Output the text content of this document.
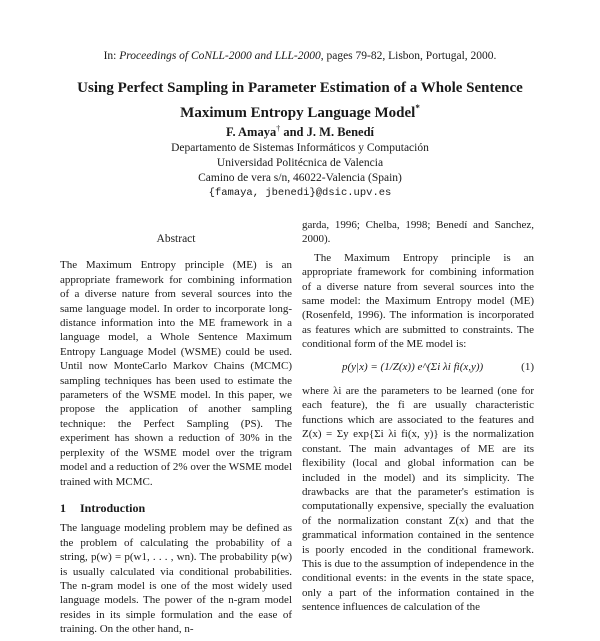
In: Proceedings of CoNLL-2000 and LLL-2000, pages 79-82, Lisbon, Portugal, 2000.
Using Perfect Sampling in Parameter Estimation of a Whole Sentence Maximum Entropy Language Model*
F. Amaya† and J. M. Benedí
Departamento de Sistemas Informáticos y Computación
Universidad Politécnica de Valencia
Camino de vera s/n, 46022-Valencia (Spain)
{famaya, jbenedi}@dsic.upv.es
Abstract

The Maximum Entropy principle (ME) is an appropriate framework for combining information of a diverse nature from several sources into the same language model. In order to incorporate long-distance information into the ME framework in a language model, a Whole Sentence Maximum Entropy Language Model (WSME) could be used. Until now MonteCarlo Markov Chains (MCMC) sampling techniques has been used to estimate the parameters of the WSME model. In this paper, we propose the application of another sampling technique: the Perfect Sampling (PS). The experiment has shown a reduction of 30% in the perplexity of the WSME model over the trigram model and a reduction of 2% over the WSME model trained with MCMC.

1 Introduction

The language modeling problem may be defined as the problem of calculating the probability of a string, p(w) = p(w1, . . . , wn). The probability p(w) is usually calculated via conditional probabilities. The n-gram model is one of the most widely used language models. The power of the n-gram model resides in its simple formulation and the ease of training. On the other hand, n-

garda, 1996; Chelba, 1998; Benedí and Sanchez, 2000).

The Maximum Entropy principle is an appropriate framework for combining information of a diverse nature from several sources into the same model: the Maximum Entropy model (ME) (Rosenfeld, 1996). The information is incorporated as features which are submitted to constraints. The conditional form of the ME model is:

p(y|x) = (1/Z(x)) e^(Σi λi fi(x,y))	(1)

where λi are the parameters to be learned (one for each feature), the fi are usually characteristic functions which are associated to the features and Z(x) = Σy exp{Σi λi fi(x, y)} is the normalization constant. The main advantages of ME are its flexibility (local and global information can be included in the model) and its simplicity. The drawbacks are that the parameter's estimation is computationally expensive, specially the evaluation of the normalization constant Z(x) and that the grammatical information contained in the sentence is poorly encoded in the conditional framework. This is due to the assumption of independence in the conditional events: in the events in the state space, only a part of the information contained in the sentence influences de calculation of the
